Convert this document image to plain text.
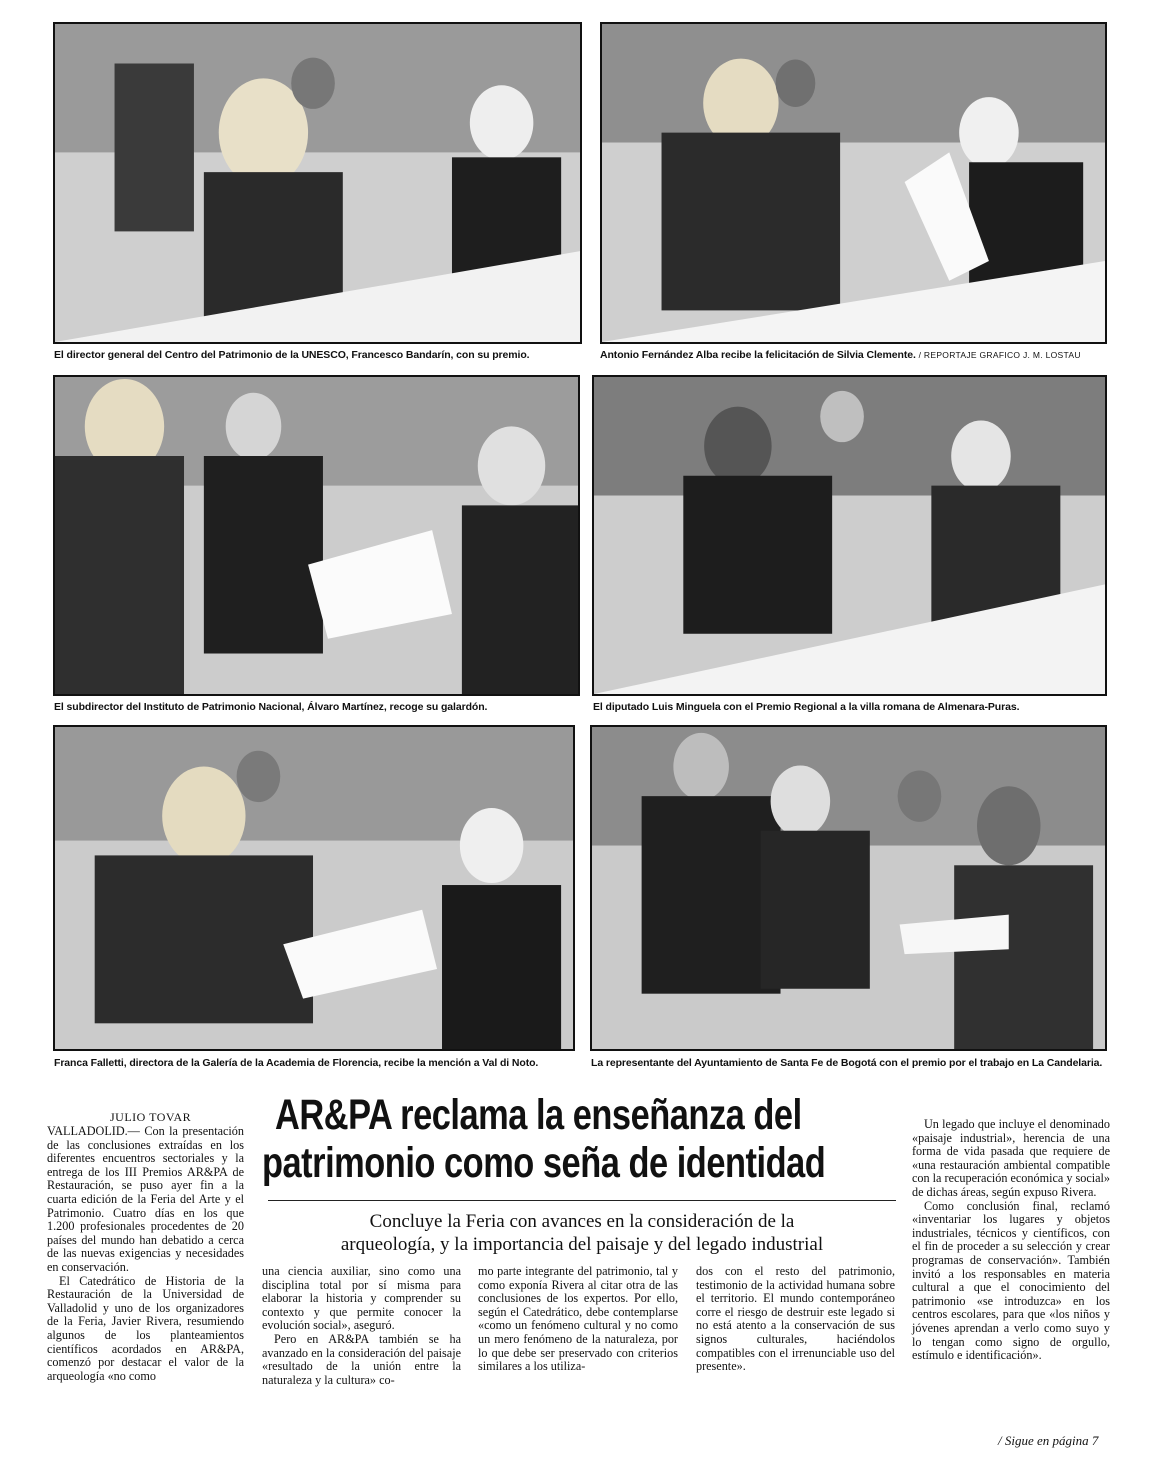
El director general del Centro del Patrimonio de la UNESCO, Francesco Bandarín, con su premio.	Antonio Fernández Alba recibe la felicitación de Silvia Clemente. / REPORTAJE GRAFICO J. M. LOSTAU
El subdirector del Instituto de Patrimonio Nacional, Álvaro Martínez, recoge su galardón.	El diputado Luis Minguela con el Premio Regional a la villa romana de Almenara-Puras.
Franca Falletti, directora de la Galería de la Academia de Florencia, recibe la mención a Val di Noto.	La representante del Ayuntamiento de Santa Fe de Bogotá con el premio por el trabajo en La Candelaria.
JULIO TOVAR AR&PA reclama la enseñanza del
patrimonio como seña de identidad
Concluye la Feria con avances en la consideración de la
arqueología, y la importancia del paisaje y del legado industrial

VALLADOLID.— Con la presentación de las conclusiones extraídas en los diferentes encuentros sectoriales y la entrega de los III Premios AR&PA de Restauración, se puso ayer fin a la cuarta edición de la Feria del Arte y el Patrimonio. Cuatro días en los que 1.200 profesionales procedentes de 20 países del mundo han debatido a cerca de las nuevas exigencias y necesidades en conservación.

El Catedrático de Historia de la Restauración de la Universidad de Valladolid y uno de los organizadores de la Feria, Javier Rivera, resumiendo algunos de los planteamientos científicos acordados en AR&PA, comenzó por destacar el valor de la arqueología «no como

una ciencia auxiliar, sino como una disciplina total por sí misma para elaborar la historia y comprender su contexto y que permite conocer la evolución social», aseguró.

Pero en AR&PA también se ha avanzado en la consideración del paisaje «resultado de la unión entre la naturaleza y la cultura» co-

mo parte integrante del patrimonio, tal y como exponía Rivera al citar otra de las conclusiones de los expertos. Por ello, según el Catedrático, debe contemplarse «como un fenómeno cultural y no como un mero fenómeno de la naturaleza, por lo que debe ser preservado con criterios similares a los utiliza-

dos con el resto del patrimonio, testimonio de la actividad humana sobre el territorio. El mundo contemporáneo corre el riesgo de destruir este legado si no está atento a la conservación de sus signos culturales, haciéndolos compatibles con el irrenunciable uso del presente».

Un legado que incluye el denominado «paisaje industrial», herencia de una forma de vida pasada que requiere de «una restauración ambiental compatible con la recuperación económica y social» de dichas áreas, según expuso Rivera.

Como conclusión final, reclamó «inventariar los lugares y objetos industriales, técnicos y científicos, con el fin de proceder a su selección y crear programas de conservación». También invitó a los responsables en materia cultural a que el conocimiento del patrimonio «se introduzca» en los centros escolares, para que «los niños y jóvenes aprendan a verlo como suyo y lo tengan como signo de orgullo, estímulo e identificación».

/ Sigue en página 7
